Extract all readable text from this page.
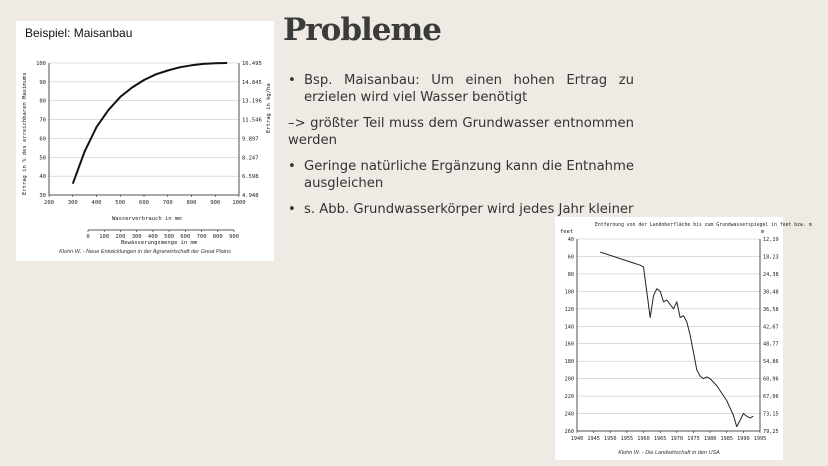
Probleme
• Bsp. Maisanbau: Um einen hohen Ertrag zu erzielen wird viel Wasser benötigt
–> größter Teil muss dem Grundwasser entnommen werden
• Geringe natürliche Ergänzung kann die Entnahme ausgleichen
• s. Abb. Grundwasserkörper wird jedes Jahr kleiner
Beispiel: Maisanbau
30
40
50
60
70
80
90
100
4.948
6.598
8.247
9.897
11.546
13.196
14.845
16.495
200	300	400	500	600	700	800	900 1000
0 100 200 300 400 500 600 700 800 900
Ertrag in % des erreichbaren Maximums	Ertrag in kg/ha
Wasserverbrauch in mm
Bewässerungsmenge in mm
Klohn W. - Neue Entwicklungen in der Agrarwirtschaft der Great Plains
Entfernung von der Landoberfläche bis zum Grundwasserspiegel in feet bzw. m
feet	m
40
60
80
100
120
140
160
180
200
220
240
260
12,19
18,23
24,38
30,48
36,58
42,67
48,77
54,86
60,96
67,06
73,15
79,25
1940 1945 1950 1955 1960 1965 1970 1975 1980 1985 1990 1995
Klohn W. - Die Landwirtschaft in den USA
